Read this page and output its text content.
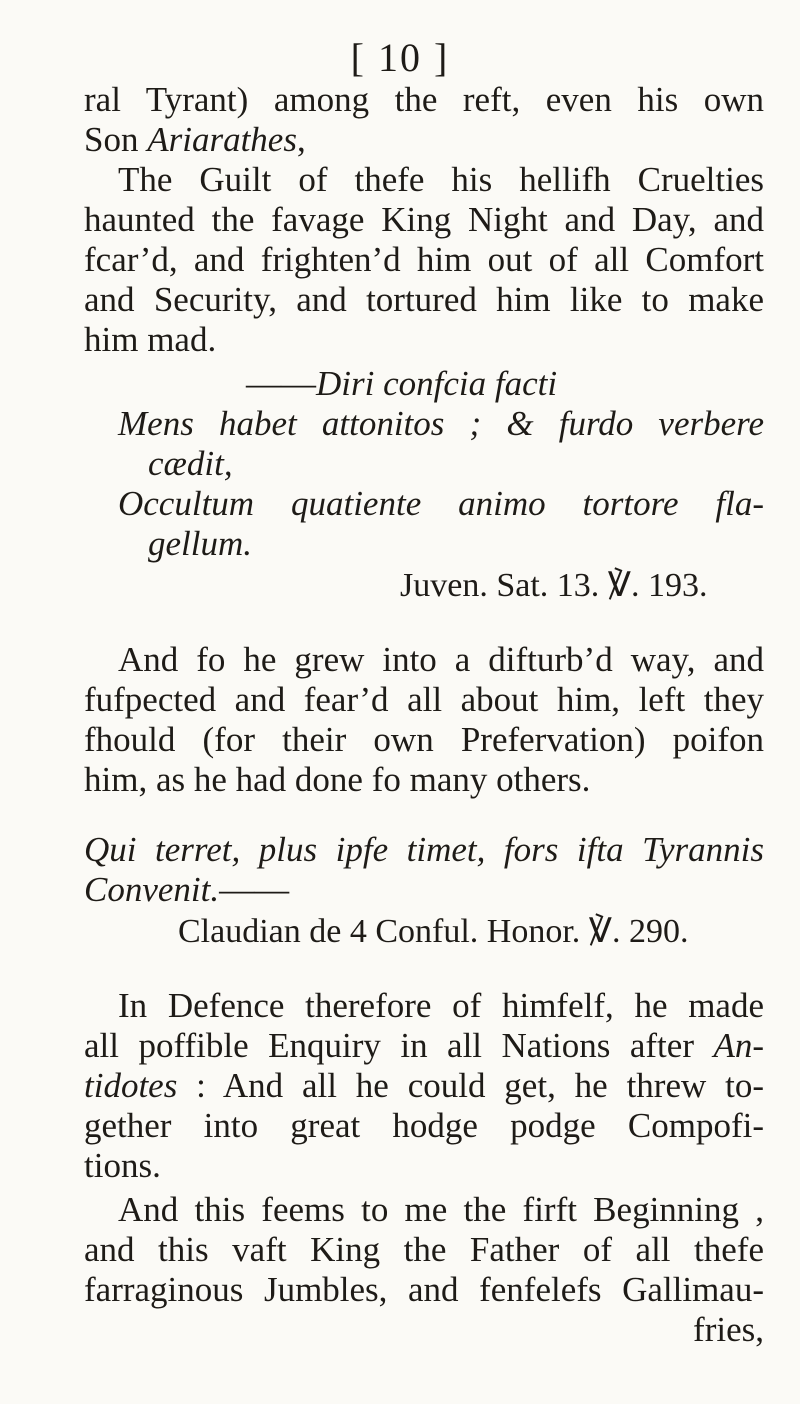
[ 10 ]
ral Tyrant) among the reft, even his own
Son Ariarathes,
The Guilt of thefe his hellifh Cruelties
haunted the favage King Night and Day, and
fcar’d, and frighten’d him out of all Comfort
and Security, and tortured him like to make
him mad.
——Diri confcia facti
Mens habet attonitos ; & furdo verbere
cædit,
Occultum quatiente animo tortore fla-
gellum.
Juven. Sat. 13. ℣. 193.
And fo he grew into a difturb’d way, and
fufpected and fear’d all about him, left they
fhould (for their own Prefervation) poifon
him, as he had done fo many others.
Qui terret, plus ipfe timet, fors ifta Tyrannis
Convenit.——
Claudian de 4 Conful. Honor. ℣. 290.
In Defence therefore of himfelf, he made
all poffible Enquiry in all Nations after An-
tidotes : And all he could get, he threw to-
gether into great hodge podge Compofi-
tions.
And this feems to me the firft Beginning ,
and this vaft King the Father of all thefe
farraginous Jumbles, and fenfelefs Gallimau-
fries,
